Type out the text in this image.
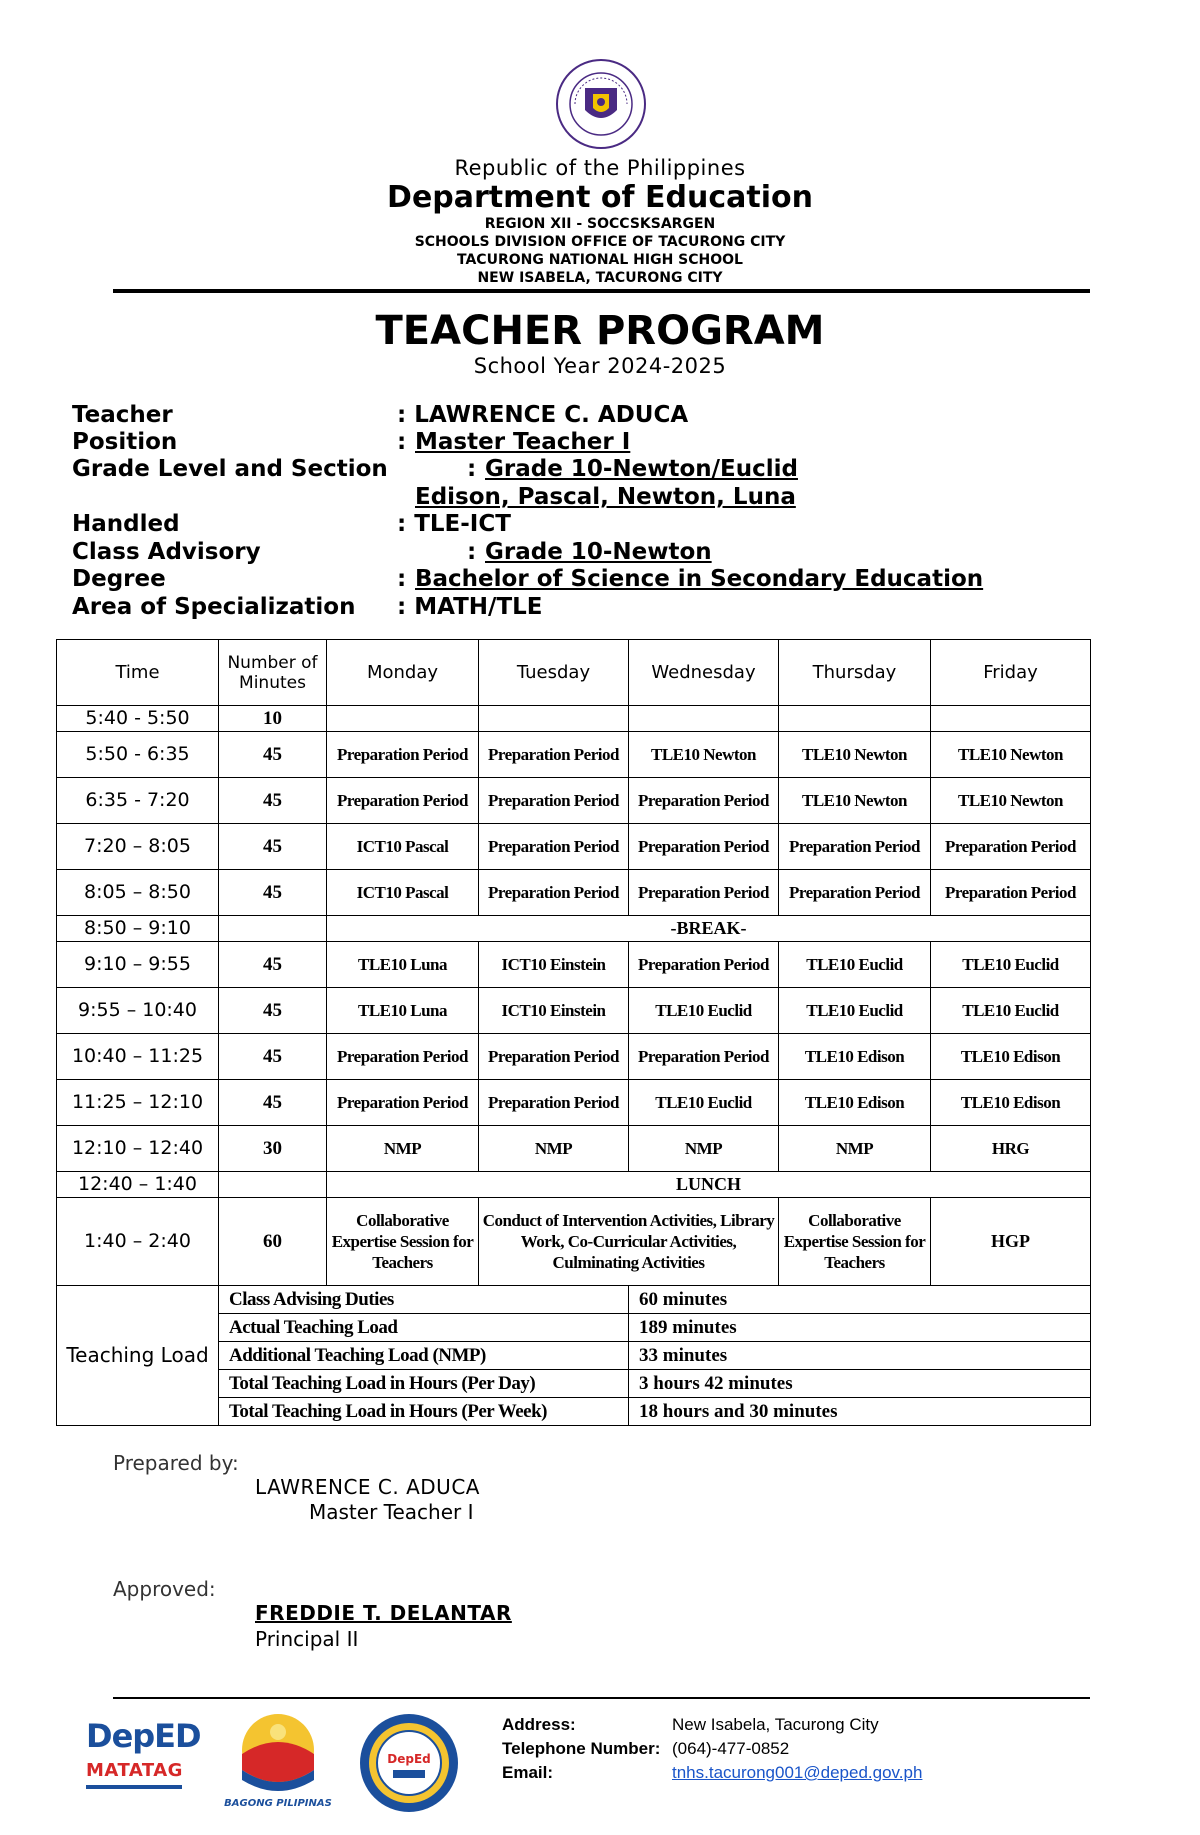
Republic of the Philippines
Department of Education
REGION XII - SOCCSKSARGEN
SCHOOLS DIVISION OFFICE OF TACURONG CITY
TACURONG NATIONAL HIGH SCHOOL
NEW ISABELA, TACURONG CITY
TEACHER PROGRAM
School Year 2024-2025
Teacher	: LAWRENCE C. ADUCA
Position	: Master Teacher I
Grade Level and Section	: Grade 10-Newton/Euclid
Edison, Pascal, Newton, Luna
Handled	: TLE-ICT
Class Advisory	: Grade 10-Newton
Degree	: Bachelor of Science in Secondary Education
Area of Specialization : MATH/TLE
Time	Number of Minutes	Monday	Tuesday	Wednesday	Thursday	Friday
5:40 - 5:50	10					
5:50 - 6:35	45	Preparation Period	Preparation Period	TLE10 Newton	TLE10 Newton	TLE10 Newton
6:35 - 7:20	45	Preparation Period	Preparation Period	Preparation Period	TLE10 Newton	TLE10 Newton
7:20 – 8:05	45	ICT10 Pascal	Preparation Period	Preparation Period	Preparation Period	Preparation Period
8:05 – 8:50	45	ICT10 Pascal	Preparation Period	Preparation Period	Preparation Period	Preparation Period
8:50 – 9:10		-BREAK-				
9:10 – 9:55	45	TLE10 Luna	ICT10 Einstein	Preparation Period	TLE10 Euclid	TLE10 Euclid
9:55 – 10:40	45	TLE10 Luna	ICT10 Einstein	TLE10 Euclid	TLE10 Euclid	TLE10 Euclid
10:40 – 11:25	45	Preparation Period	Preparation Period	Preparation Period	TLE10 Edison	TLE10 Edison
11:25 – 12:10	45	Preparation Period	Preparation Period	TLE10 Euclid	TLE10 Edison	TLE10 Edison
12:10 – 12:40	30	NMP	NMP	NMP	NMP	HRG
12:40 – 1:40		LUNCH				
1:40 – 2:40	60	Collaborative Expertise Session for Teachers	Conduct of Intervention Activities, Library Work, Co-Curricular Activities, Culminating Activities		Collaborative Expertise Session for Teachers	HGP
Teaching Load	Class Advising Duties			60 minutes		
	Actual Teaching Load			189 minutes		
	Additional Teaching Load (NMP)			33 minutes		
	Total Teaching Load in Hours (Per Day)			3 hours 42 minutes		
	Total Teaching Load in Hours (Per Week)			18 hours and 30 minutes		
Prepared by:
LAWRENCE C. ADUCA
Master Teacher I
Approved:
FREDDIE T. DELANTAR
Principal II
DepED
MATATAG
BAGONG PILIPINAS
DepEd
Address:	New Isabela, Tacurong City
Telephone Number: (064)-477-0852
Email:	tnhs.tacurong001@deped.gov.ph
